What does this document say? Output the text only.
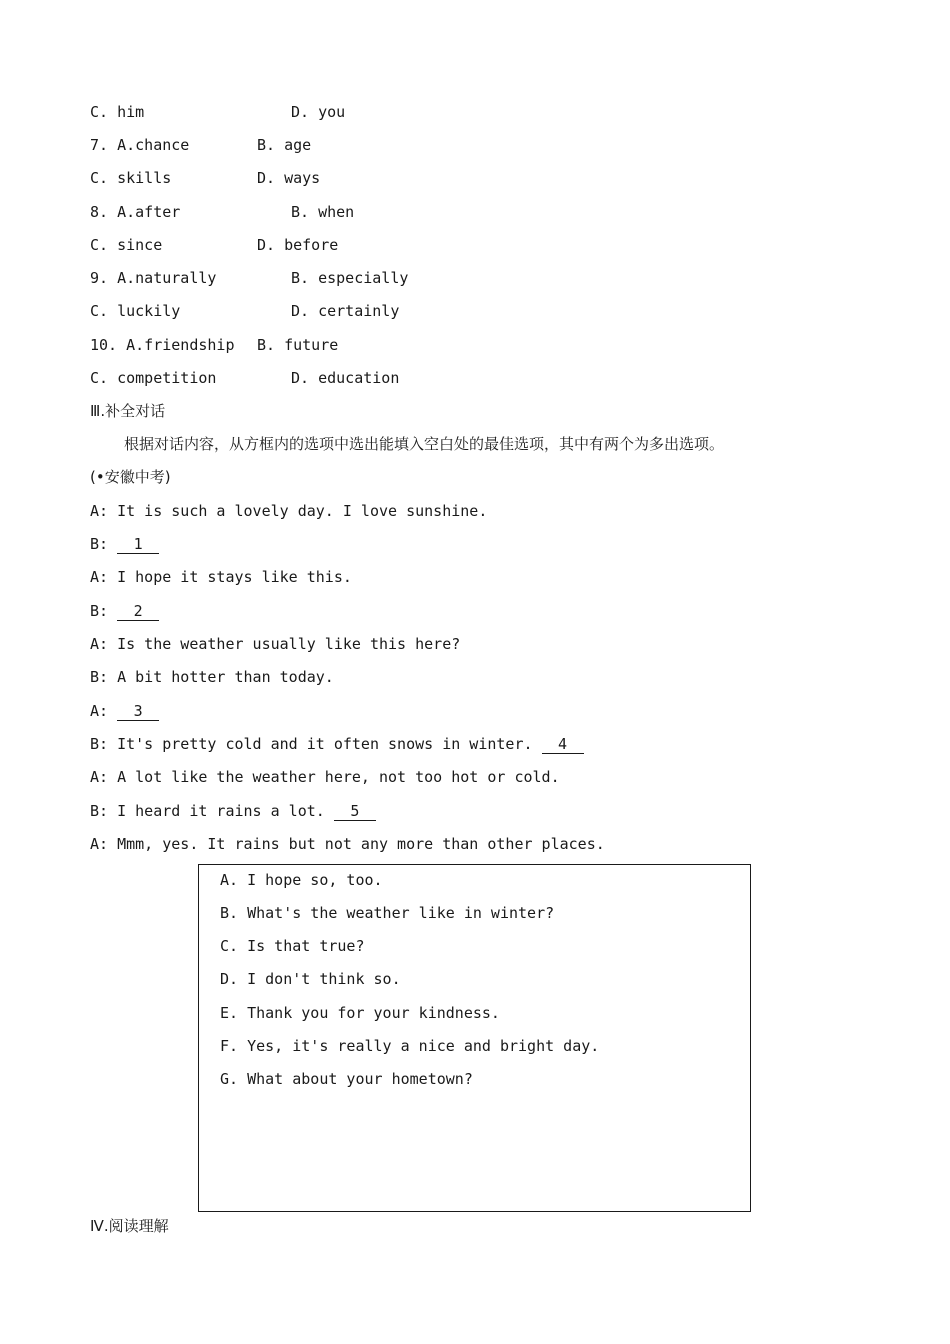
C. him	D. you
7. A.chance	B. age
C. skills	D. ways
8. A.after	B. when
C. since	D. before
9. A.naturally	B. especially
C. luckily	D. certainly
10. A.friendship B. future
C. competition	D. education
Ⅲ.补全对话
根据对话内容，从方框内的选项中选出能填入空白处的最佳选项，其中有两个为多出选项。
(•安徽中考)
A: It is such a lovely day. I love sunshine.
B: 1
A: I hope it stays like this.
B: 2
A: Is the weather usually like this here?
B: A bit hotter than today.
A: 3
B: It's pretty cold and it often snows in winter. 4
A: A lot like the weather here, not too hot or cold.
B: I heard it rains a lot. 5
A: Mmm, yes. It rains but not any more than other places.
A. I hope so, too.
B. What's the weather like in winter?
C. Is that true?
D. I don't think so.
E. Thank you for your kindness.
F. Yes, it's really a nice and bright day.
G. What about your hometown?
Ⅳ.阅读理解
